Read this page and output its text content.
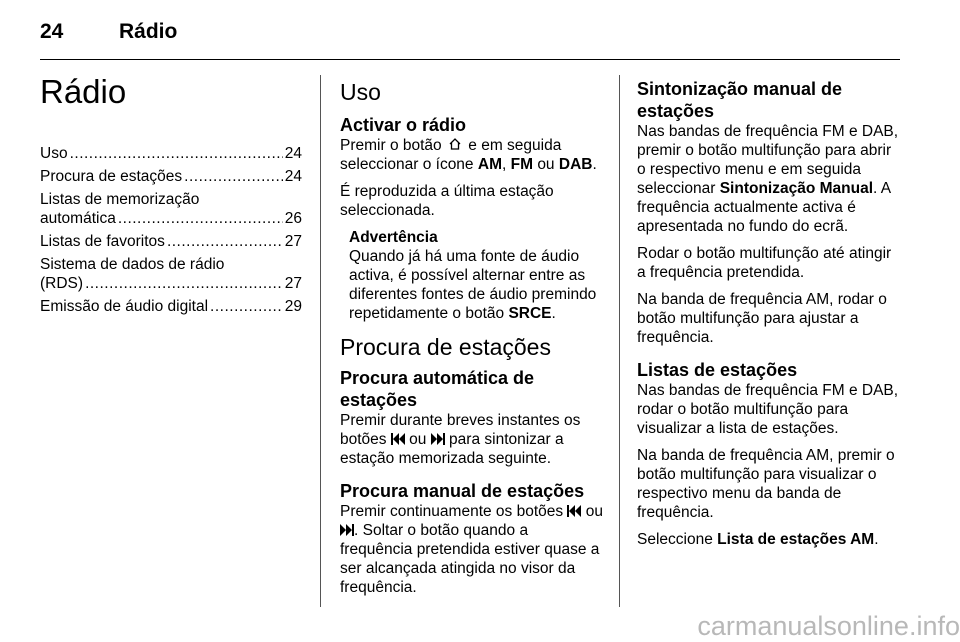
24	Rádio
Rádio
Uso .....	24
Procura de estações .....	24
Listas de memorização
automática .....	26
Listas de favoritos .....	27
Sistema de dados de rádio
(RDS) .....	27
Emissão de áudio digital .....	29
Uso
Activar o rádio

Premir o botão e em seguida seleccionar o ícone AM, FM ou DAB.

É reproduzida a última estação seleccionada.

Advertência
Quando já há uma fonte de áudio activa, é possível alternar entre as diferentes fontes de áudio premindo repetidamente o botão SRCE.
Procura de estações
Procura automática de
estações

Premir durante breves instantes os botões ou para sintonizar a estação memorizada seguinte.

Procura manual de estações

Premir continuamente os botões ou . Soltar o botão quando a frequência pretendida estiver quase a ser alcançada atingida no visor da frequência.

Sintonização manual de
estações

Nas bandas de frequência FM e DAB, premir o botão multifunção para abrir o respectivo menu e em seguida seleccionar Sintonização Manual. A frequência actualmente activa é apresentada no fundo do ecrã.

Rodar o botão multifunção até atingir a frequência pretendida.

Na banda de frequência AM, rodar o botão multifunção para ajustar a frequência.

Listas de estações

Nas bandas de frequência FM e DAB, rodar o botão multifunção para visualizar a lista de estações.

Na banda de frequência AM, premir o botão multifunção para visualizar o respectivo menu da banda de frequência.

Seleccione Lista de estações AM.

carmanualsonline.info
